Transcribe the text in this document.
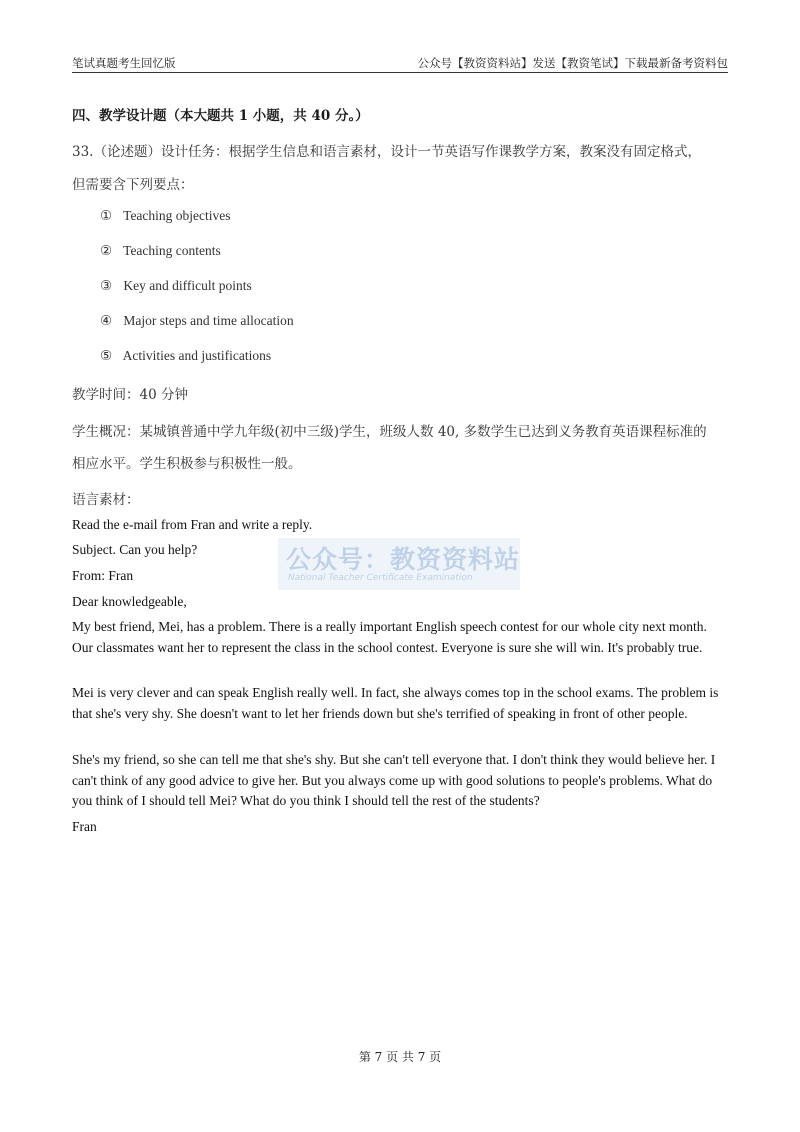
笔试真题考生回忆版	公众号【教资资料站】发送【教资笔试】下载最新备考资料包
四、教学设计题（本大题共 1 小题，共 40 分。）
33.（论述题）设计任务：根据学生信息和语言素材，设计一节英语写作课教学方案，教案没有固定格式，
但需要含下列要点：
① Teaching objectives
② Teaching contents
③ Key and difficult points
④ Major steps and time allocation
⑤ Activities and justifications
教学时间：40 分钟
学生概况：某城镇普通中学九年级(初中三级)学生，班级人数 40, 多数学生已达到义务教育英语课程标准的
相应水平。学生积极参与积极性一般。
语言素材：
Read the e-mail from Fran and write a reply.
Subject. Can you help?
From: Fran
Dear knowledgeable,
My best friend, Mei, has a problem. There is a really important English speech contest for our whole city next month. Our classmates want her to represent the class in the school contest. Everyone is sure she will win. It's probably true.
Mei is very clever and can speak English really well. In fact, she always comes top in the school exams. The problem is that she's very shy. She doesn't want to let her friends down but she's terrified of speaking in front of other people.
She's my friend, so she can tell me that she's shy. But she can't tell everyone that. I don't think they would believe her. I can't think of any good advice to give her. But you always come up with good solutions to people's problems. What do you think of I should tell Mei? What do you think I should tell the rest of the students?
Fran
公众号：教资资料站
National Teacher Certificate Examination
第 7 页 共 7 页
